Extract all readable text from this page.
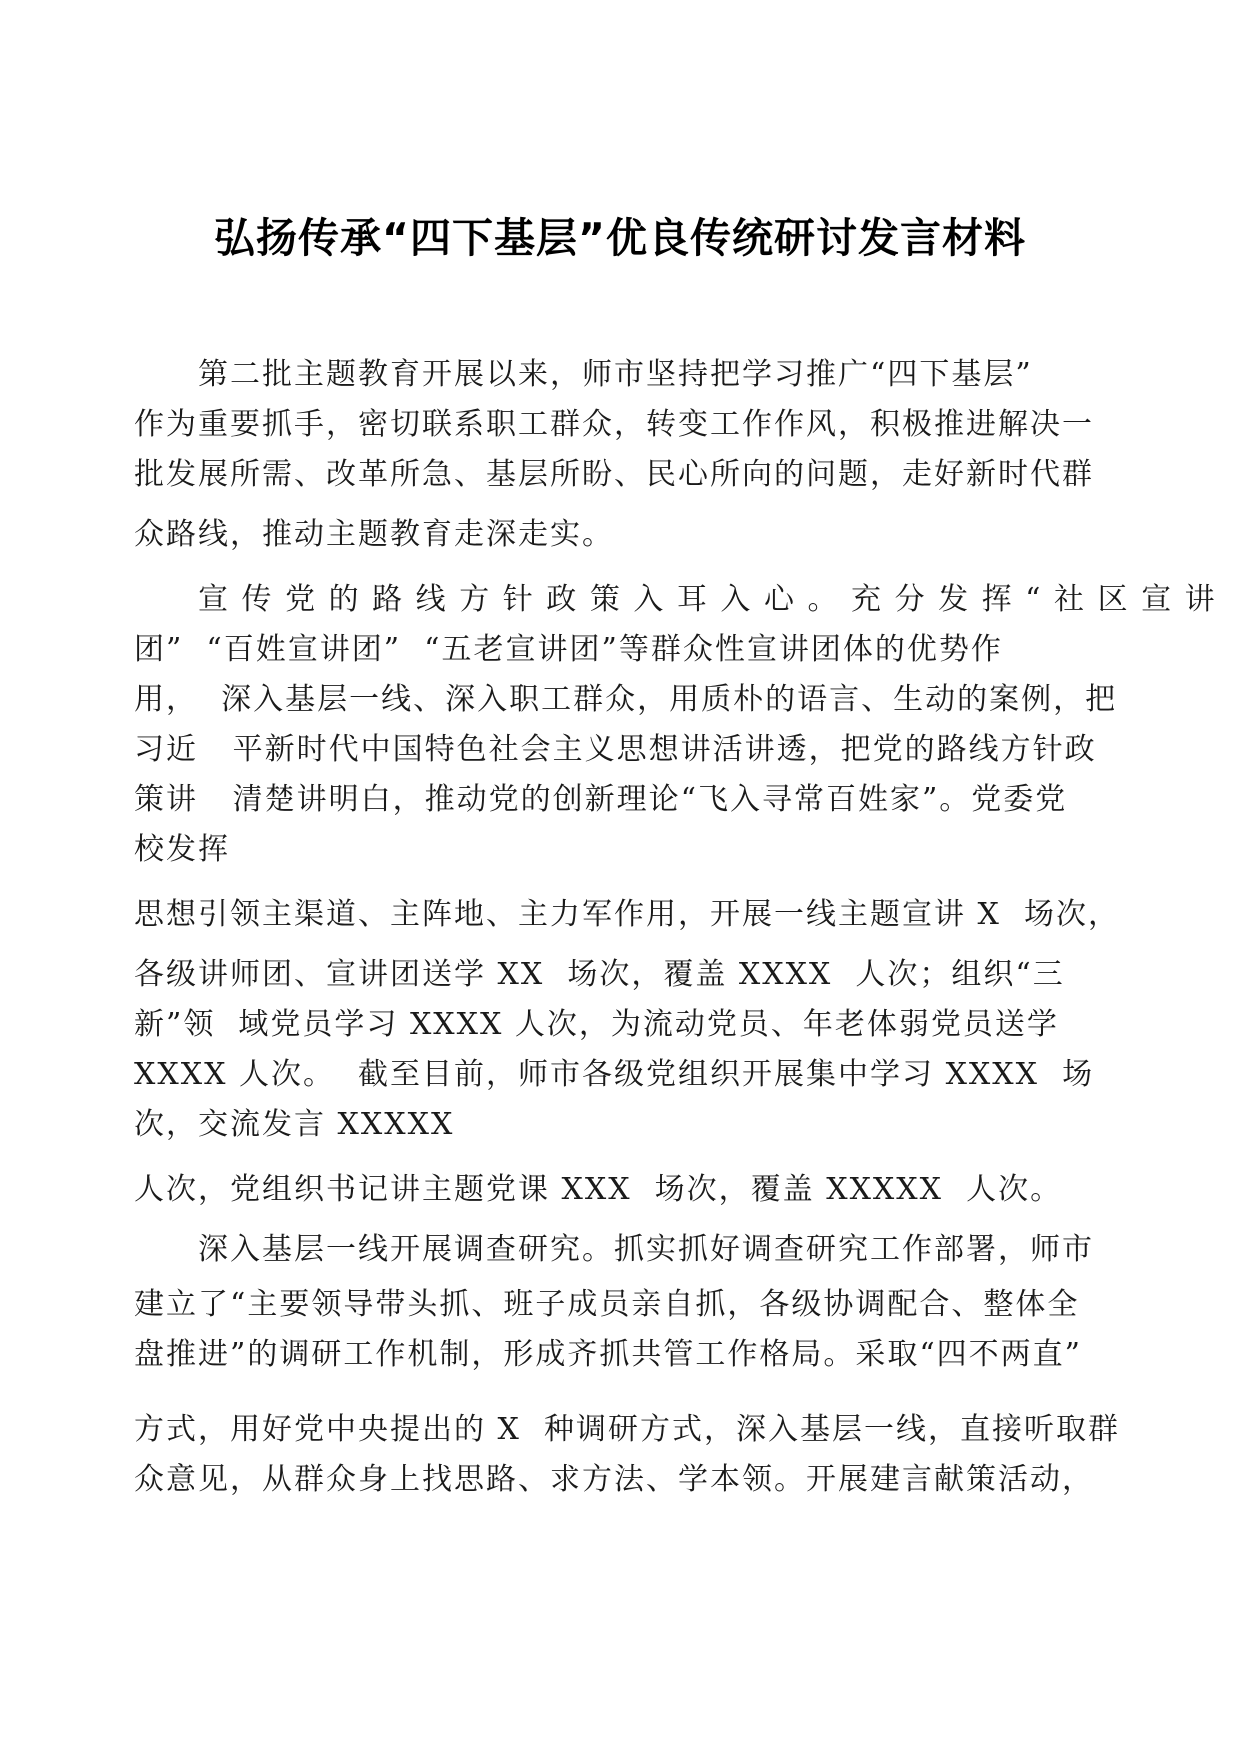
弘扬传承“四下基层”优良传统研讨发言材料
第二批主题教育开展以来，师市坚持把学习推广“四下基层”
作为重要抓手，密切联系职工群众，转变工作作风，积极推进解决一
批发展所需、改革所急、基层所盼、民心所向的问题，走好新时代群
众路线，推动主题教育走深走实。
宣 传 党 的 路 线 方 针 政 策 入 耳 入 心 。 充 分 发 挥 “ 社 区 宣 讲
团”  “百姓宣讲团”  “五老宣讲团”等群众性宣讲团体的优势作
用，  深入基层一线、深入职工群众，用质朴的语言、生动的案例，把
习近   平新时代中国特色社会主义思想讲活讲透，把党的路线方针政
策讲   清楚讲明白，推动党的创新理论“飞入寻常百姓家”。党委党
校发挥
思想引领主渠道、主阵地、主力军作用，开展一线主题宣讲 X  场次，
各级讲师团、宣讲团送学 XX  场次，覆盖 XXXX  人次；组织“三
新”领  域党员学习 XXXX 人次，为流动党员、年老体弱党员送学
XXXX 人次。  截至目前，师市各级党组织开展集中学习 XXXX  场
次，交流发言 XXXXX
人次，党组织书记讲主题党课 XXX  场次，覆盖 XXXXX  人次。
深入基层一线开展调查研究。抓实抓好调查研究工作部署，师市
建立了“主要领导带头抓、班子成员亲自抓，各级协调配合、整体全
盘推进”的调研工作机制，形成齐抓共管工作格局。采取“四不两直”
方式，用好党中央提出的 X  种调研方式，深入基层一线，直接听取群
众意见，从群众身上找思路、求方法、学本领。开展建言献策活动，
